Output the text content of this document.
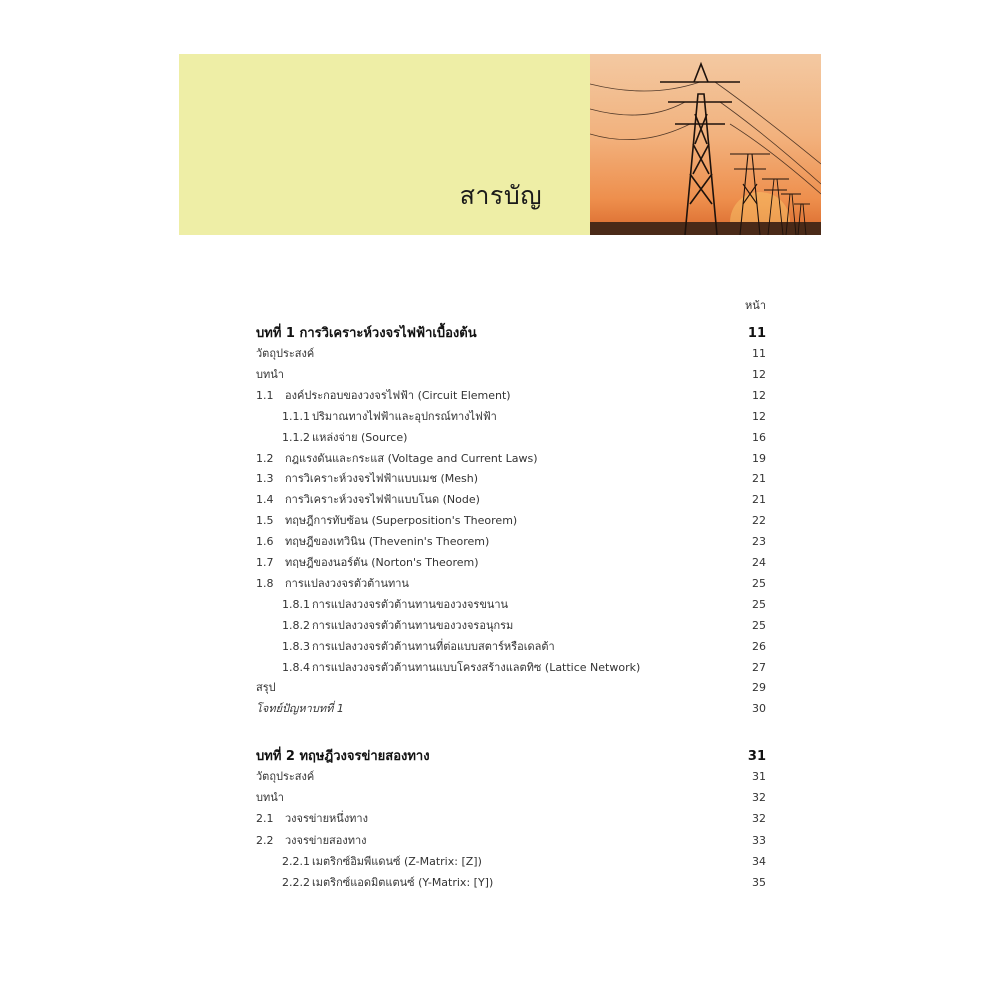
สารบัญ
หน้า
บทที่ 1 การวิเคราะห์วงจรไฟฟ้าเบื้องต้น	11
วัตถุประสงค์	11
บทนำ	12
1.1 องค์ประกอบของวงจรไฟฟ้า (Circuit Element)	12
1.1.1 ปริมาณทางไฟฟ้าและอุปกรณ์ทางไฟฟ้า	12
1.1.2 แหล่งจ่าย (Source)	16
1.2 กฎแรงดันและกระแส (Voltage and Current Laws)	19
1.3 การวิเคราะห์วงจรไฟฟ้าแบบเมช (Mesh)	21
1.4 การวิเคราะห์วงจรไฟฟ้าแบบโนด (Node)	21
1.5 ทฤษฎีการทับซ้อน (Superposition's Theorem)	22
1.6 ทฤษฎีของเทวินิน (Thevenin's Theorem)	23
1.7 ทฤษฎีของนอร์ตัน (Norton's Theorem)	24
1.8 การแปลงวงจรตัวต้านทาน	25
1.8.1 การแปลงวงจรตัวต้านทานของวงจรขนาน	25
1.8.2 การแปลงวงจรตัวต้านทานของวงจรอนุกรม	25
1.8.3 การแปลงวงจรตัวต้านทานที่ต่อแบบสตาร์หรือเดลต้า	26
1.8.4 การแปลงวงจรตัวต้านทานแบบโครงสร้างแลตทิซ (Lattice Network)	27
สรุป	29
โจทย์ปัญหาบทที่ 1	30
บทที่ 2 ทฤษฎีวงจรข่ายสองทาง	31
วัตถุประสงค์	31
บทนำ	32
2.1 วงจรข่ายหนึ่งทาง	32
2.2 วงจรข่ายสองทาง	33
2.2.1 เมตริกซ์อิมพีแดนซ์ (Z-Matrix: [Z])	34
2.2.2 เมตริกซ์แอดมิตแตนซ์ (Y-Matrix: [Y])	35
